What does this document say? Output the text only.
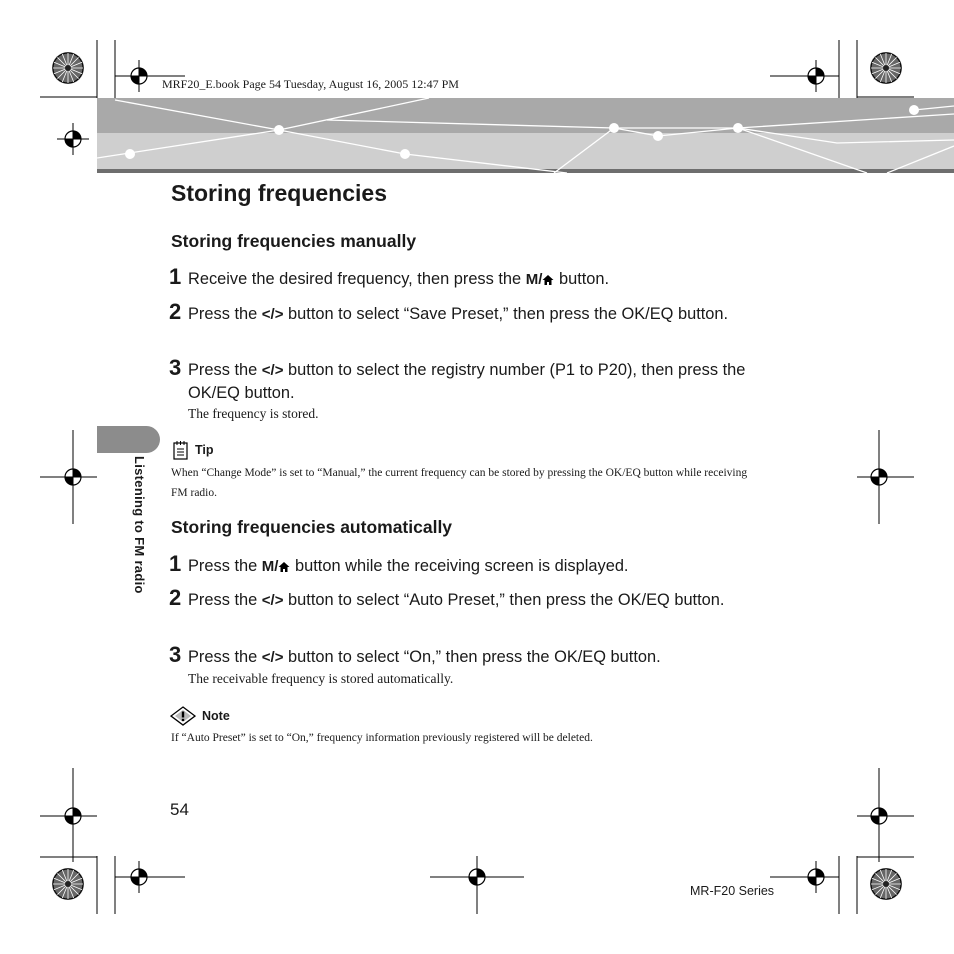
MRF20_E.book Page 54 Tuesday, August 16, 2005 12:47 PM
Storing frequencies
Listening to FM radio
Storing frequencies manually
1 Receive the desired frequency, then press the M/ button.
2 Press the </> button to select “Save Preset,” then press the OK/EQ button.
3 Press the </> button to select the registry number (P1 to P20), then press the OK/EQ button.
The frequency is stored.
Tip
When “Change Mode” is set to “Manual,” the current frequency can be stored by pressing the OK/EQ button while receiving FM radio.
Storing frequencies automatically
1 Press the M/ button while the receiving screen is displayed.
2 Press the </> button to select “Auto Preset,” then press the OK/EQ button.
3 Press the </> button to select “On,” then press the OK/EQ button.
The receivable frequency is stored automatically.
Note
If “Auto Preset” is set to “On,” frequency information previously registered will be deleted.
54
MR-F20 Series
